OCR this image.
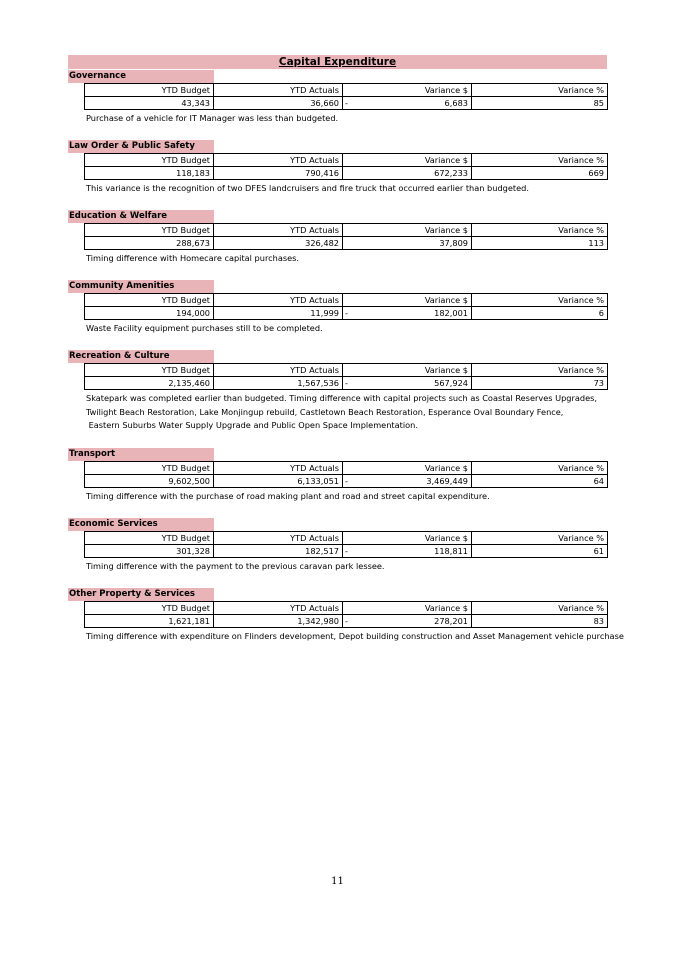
Capital Expenditure
Governance
YTD Budget	YTD Actuals	Variance $	Variance %
43,343	36,660	- 6,683	85
Purchase of a vehicle for IT Manager was less than budgeted.
Law Order & Public Safety
YTD Budget	YTD Actuals	Variance $	Variance %
118,183	790,416	672,233	669
This variance is the recognition of two DFES landcruisers and fire truck that occurred earlier than budgeted.
Education & Welfare
YTD Budget	YTD Actuals	Variance $	Variance %
288,673	326,482	37,809	113
Timing difference with Homecare capital purchases.
Community Amenities
YTD Budget	YTD Actuals	Variance $	Variance %
194,000	11,999	- 182,001	6
Waste Facility equipment purchases still to be completed.
Recreation & Culture
YTD Budget	YTD Actuals	Variance $	Variance %
2,135,460	1,567,536	- 567,924	73
Skatepark was completed earlier than budgeted. Timing difference with capital projects such as Coastal Reserves Upgrades,
Twilight Beach Restoration, Lake Monjingup rebuild, Castletown Beach Restoration, Esperance Oval Boundary Fence,
Eastern Suburbs Water Supply Upgrade and Public Open Space Implementation.
Transport
YTD Budget	YTD Actuals	Variance $	Variance %
9,602,500	6,133,051	- 3,469,449	64
Timing difference with the purchase of road making plant and road and street capital expenditure.
Economic Services
YTD Budget	YTD Actuals	Variance $	Variance %
301,328	182,517	- 118,811	61
Timing difference with the payment to the previous caravan park lessee.
Other Property & Services
YTD Budget	YTD Actuals	Variance $	Variance %
1,621,181	1,342,980	- 278,201	83
Timing difference with expenditure on Flinders development, Depot building construction and Asset Management vehicle purchase
11
